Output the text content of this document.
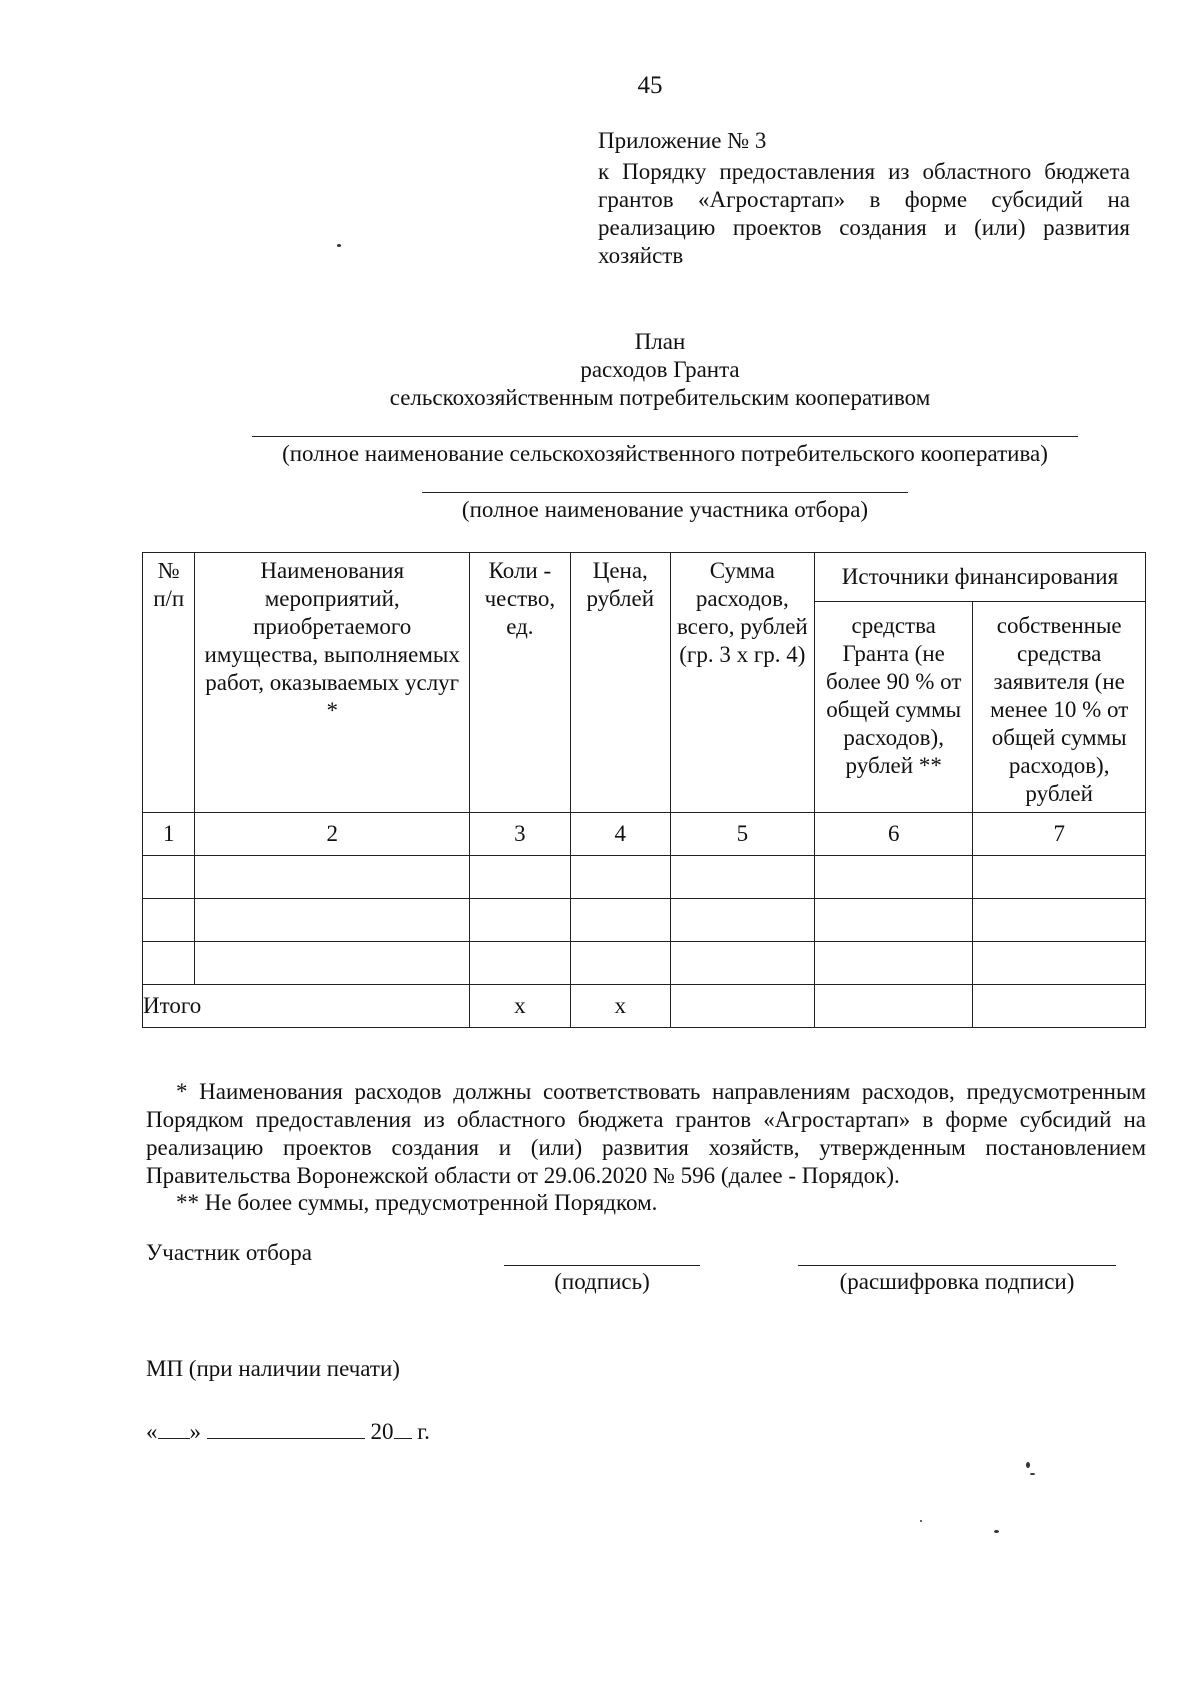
45
Приложение № 3
к Порядку предоставления из областного бюджета грантов «Агростартап» в форме субсидий на реализацию проектов создания и (или) развития хозяйств
План
расходов Гранта
сельскохозяйственным потребительским кооперативом
(полное наименование сельскохозяйственного потребительского кооператива)
(полное наименование участника отбора)
№ п/п	Наименования мероприятий, приобретаемого имущества, выполняемых работ, оказываемых услуг *	Коли - чество, ед.	Цена, рублей	Сумма расходов, всего, рублей (гр. 3 х гр. 4)	Источники финансирования	
					средства Гранта (не более 90 % от общей суммы расходов), рублей **	собственные средства заявителя (не менее 10 % от общей суммы расходов), рублей
1	2	3	4	5	6	7

Итого		х	х			
* Наименования расходов должны соответствовать направлениям расходов, предусмотренным Порядком предоставления из областного бюджета грантов «Агростартап» в форме субсидий на реализацию проектов создания и (или) развития хозяйств, утвержденным постановлением Правительства Воронежской области от 29.06.2020 № 596 (далее - Порядок).
** Не более суммы, предусмотренной Порядком.
Участник отбора
(подпись)	(расшифровка подписи)
МП (при наличии печати)
« »	20 г.
